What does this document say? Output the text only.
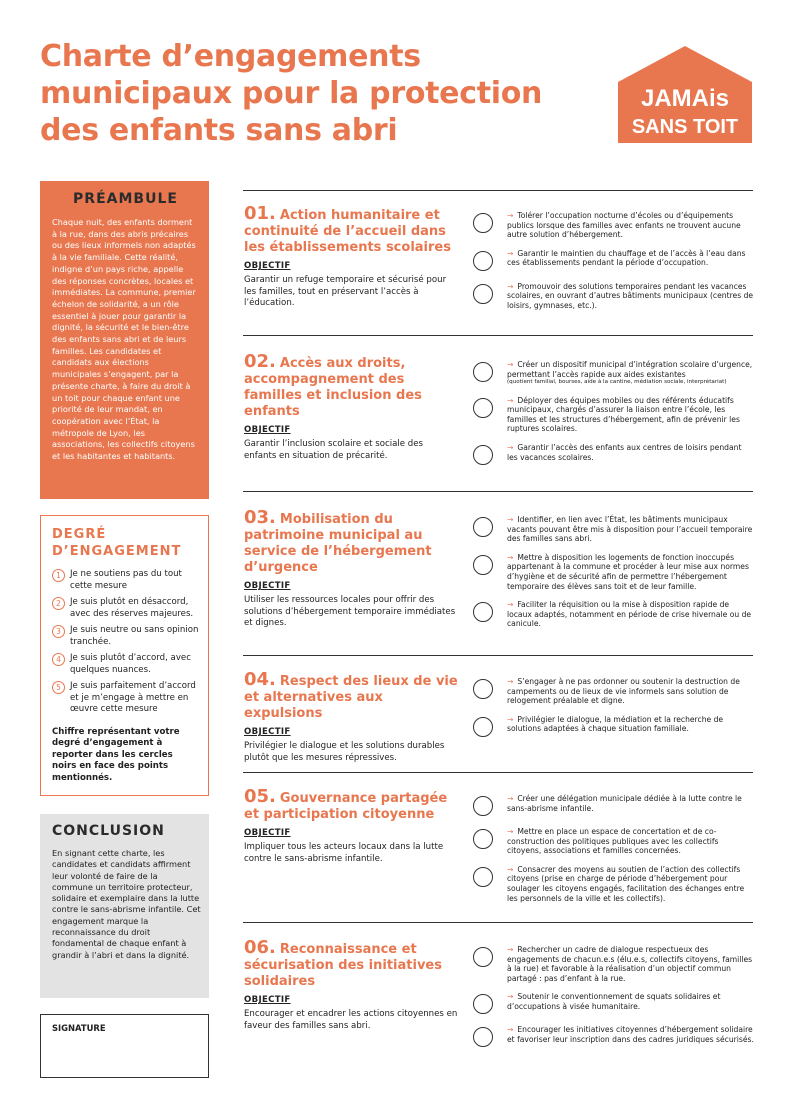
Charte d’engagements
municipaux pour la protection
des enfants sans abri
JAMAis
SANS TOIT
PRÉAMBULE

Chaque nuit, des enfants dorment à la rue, dans des abris précaires ou des lieux informels non adaptés à la vie familiale. Cette réalité, indigne d’un pays riche, appelle des réponses concrètes, locales et immédiates. La commune, premier échelon de solidarité, a un rôle essentiel à jouer pour garantir la dignité, la sécurité et le bien-être des enfants sans abri et de leurs familles. Les candidates et candidats aux élections municipales s’engagent, par la présente charte, à faire du droit à un toit pour chaque enfant une priorité de leur mandat, en coopération avec l’État, la métropole de Lyon, les associations, les collectifs citoyens et les habitantes et habitants.

DEGRÉ
D’ENGAGEMENT
1	Je ne soutiens pas du tout cette mesure
2	Je suis plutôt en désaccord, avec des réserves majeures.
3	Je suis neutre ou sans opinion tranchée.
4	Je suis plutôt d’accord, avec quelques nuances.
5	Je suis parfaitement d’accord et je m’engage à mettre en œuvre cette mesure

Chiffre représentant votre degré d’engagement à reporter dans les cercles noirs en face des points mentionnés.

CONCLUSION

En signant cette charte, les candidates et candidats affirment leur volonté de faire de la commune un territoire protecteur, solidaire et exemplaire dans la lutte contre le sans-abrisme infantile. Cet engagement marque la reconnaissance du droit fondamental de chaque enfant à grandir à l’abri et dans la dignité.

SIGNATURE
01. Action humanitaire et continuité de l’accueil dans les établissements scolaires

OBJECTIF

Garantir un refuge temporaire et sécurisé pour les familles, tout en préservant l’accès à l’éducation.

→ Tolérer l’occupation nocturne d’écoles ou d’équipements publics lorsque des familles avec enfants ne trouvent aucune autre solution d’hébergement.
→ Garantir le maintien du chauffage et de l’accès à l’eau dans ces établissements pendant la période d’occupation.
→ Promouvoir des solutions temporaires pendant les vacances scolaires, en ouvrant d’autres bâtiments municipaux (centres de loisirs, gymnases, etc.).
02. Accès aux droits, accompagnement des familles et inclusion des enfants

OBJECTIF

Garantir l’inclusion scolaire et sociale des enfants en situation de précarité.

→ Créer un dispositif municipal d’intégration scolaire d’urgence, permettant l’accès rapide aux aides existantes
(quotient familial, bourses, aide à la cantine, médiation sociale, interprétariat)
→ Déployer des équipes mobiles ou des référents éducatifs municipaux, chargés d’assurer la liaison entre l’école, les familles et les structures d’hébergement, afin de prévenir les ruptures scolaires.
→ Garantir l’accès des enfants aux centres de loisirs pendant les vacances scolaires.
03. Mobilisation du patrimoine municipal au service de l’hébergement d’urgence

OBJECTIF

Utiliser les ressources locales pour offrir des solutions d’hébergement temporaire immédiates et dignes.

→ Identifier, en lien avec l’État, les bâtiments municipaux vacants pouvant être mis à disposition pour l’accueil temporaire des familles sans abri.
→ Mettre à disposition les logements de fonction inoccupés appartenant à la commune et procéder à leur mise aux normes d’hygiène et de sécurité afin de permettre l’hébergement temporaire des élèves sans toit et de leur famille.
→ Faciliter la réquisition ou la mise à disposition rapide de locaux adaptés, notamment en période de crise hivernale ou de canicule.
04. Respect des lieux de vie et alternatives aux expulsions

OBJECTIF

Privilégier le dialogue et les solutions durables plutôt que les mesures répressives.

→ S’engager à ne pas ordonner ou soutenir la destruction de campements ou de lieux de vie informels sans solution de relogement préalable et digne.
→ Privilégier le dialogue, la médiation et la recherche de solutions adaptées à chaque situation familiale.
05. Gouvernance partagée et participation citoyenne

OBJECTIF

Impliquer tous les acteurs locaux dans la lutte contre le sans-abrisme infantile.

→ Créer une délégation municipale dédiée à la lutte contre le sans-abrisme infantile.
→ Mettre en place un espace de concertation et de co-construction des politiques publiques avec les collectifs citoyens, associations et familles concernées.
→ Consacrer des moyens au soutien de l’action des collectifs citoyens (prise en charge de période d’hébergement pour soulager les citoyens engagés, facilitation des échanges entre les personnels de la ville et les collectifs).
06. Reconnaissance et sécurisation des initiatives solidaires

OBJECTIF

Encourager et encadrer les actions citoyennes en faveur des familles sans abri.

→ Rechercher un cadre de dialogue respectueux des engagements de chacun.e.s (élu.e.s, collectifs citoyens, familles à la rue) et favorable à la réalisation d’un objectif commun partagé : pas d’enfant à la rue.
→ Soutenir le conventionnement de squats solidaires et d’occupations à visée humanitaire.
→ Encourager les initiatives citoyennes d’hébergement solidaire et favoriser leur inscription dans des cadres juridiques sécurisés.
